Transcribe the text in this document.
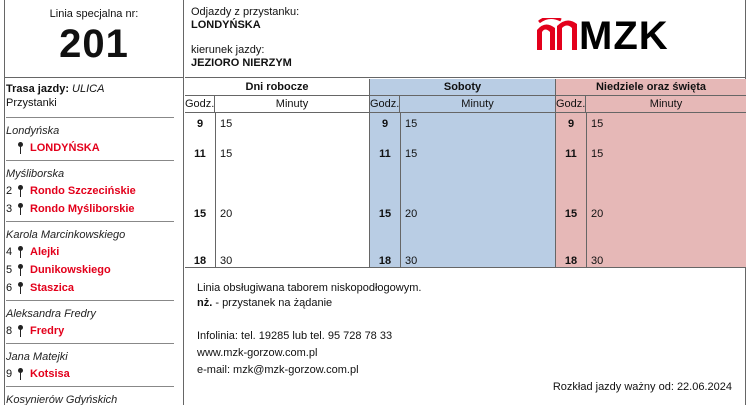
Linia specjalna nr:
201
Trasa jazdy: ULICA
Przystanki
Londyńska
LONDYŃSKA
Myśliborska
2	Rondo Szczecińskie
3	Rondo Myśliborskie
Karola Marcinkowskiego
4	Alejki
5	Dunikowskiego
6	Staszica
Aleksandra Fredry
8	Fredry
Jana Matejki
9	Kotsisa
Kosynierów Gdyńskich
Odjazdy z przystanku:
LONDYŃSKA
kierunek jazdy:
JEZIORO NIERZYM
MZK
Dni robocze
Godz.	Minuty
9	15
11	15
15	20
18	30
Soboty
Godz.	Minuty
9	15
11	15
15	20
18	30
Niedziele oraz święta
Godz.	Minuty
9	15
11	15
15	20
18	30
Linia obsługiwana taborem niskopodłogowym.
nż. - przystanek na żądanie
Infolinia: tel. 19285 lub tel. 95 728 78 33
www.mzk-gorzow.com.pl
e-mail: mzk@mzk-gorzow.com.pl
Rozkład jazdy ważny od: 22.06.2024
